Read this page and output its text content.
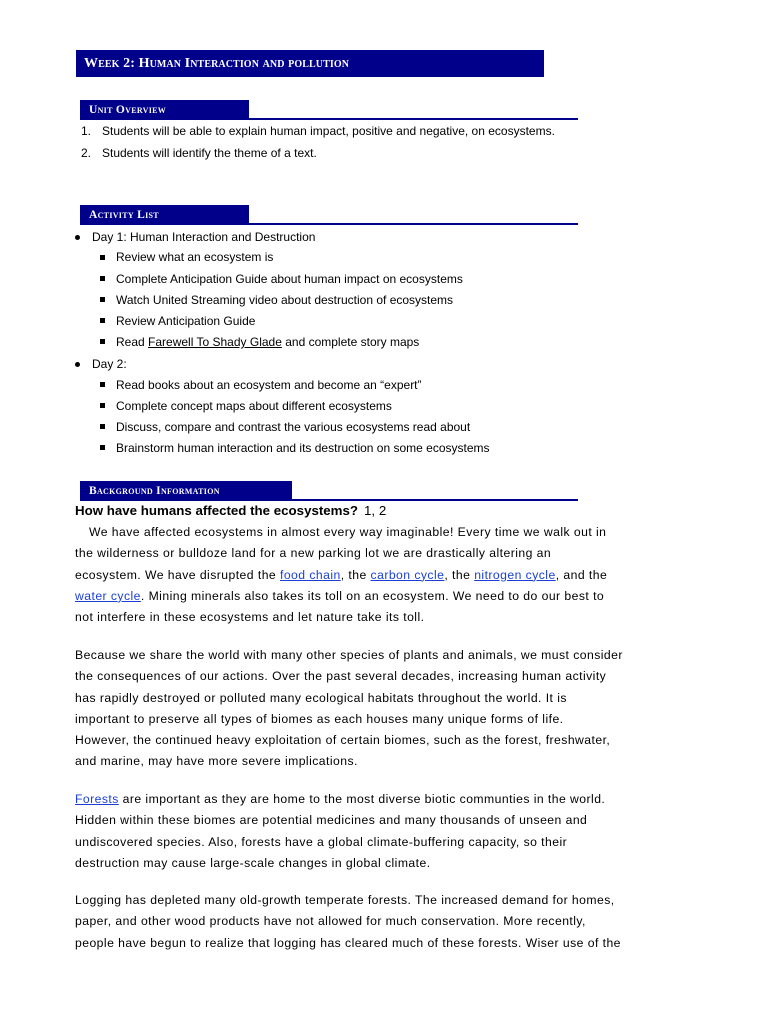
Week 2: Human Interaction and pollution
Unit Overview
1. Students will be able to explain human impact, positive and negative, on ecosystems.
2. Students will identify the theme of a text.
Activity List
Day 1: Human Interaction and Destruction
Review what an ecosystem is
Complete Anticipation Guide about human impact on ecosystems
Watch United Streaming video about destruction of ecosystems
Review Anticipation Guide
Read Farewell To Shady Glade and complete story maps
Day 2:
Read books about an ecosystem and become an “expert”
Complete concept maps about different ecosystems
Discuss, compare and contrast the various ecosystems read about
Brainstorm human interaction and its destruction on some ecosystems
Background Information
How have humans affected the ecosystems? 1, 2

We have affected ecosystems in almost every way imaginable! Every time we walk out in

the wilderness or bulldoze land for a new parking lot we are drastically altering an

ecosystem. We have disrupted the food chain, the carbon cycle, the nitrogen cycle, and the

water cycle. Mining minerals also takes its toll on an ecosystem. We need to do our best to

not interfere in these ecosystems and let nature take its toll.

Because we share the world with many other species of plants and animals, we must consider

the consequences of our actions. Over the past several decades, increasing human activity

has rapidly destroyed or polluted many ecological habitats throughout the world. It is

important to preserve all types of biomes as each houses many unique forms of life.

However, the continued heavy exploitation of certain biomes, such as the forest, freshwater,

and marine, may have more severe implications.

Forests are important as they are home to the most diverse biotic communties in the world.

Hidden within these biomes are potential medicines and many thousands of unseen and

undiscovered species. Also, forests have a global climate-buffering capacity, so their

destruction may cause large-scale changes in global climate.

Logging has depleted many old-growth temperate forests. The increased demand for homes,

paper, and other wood products have not allowed for much conservation. More recently,

people have begun to realize that logging has cleared much of these forests. Wiser use of the
